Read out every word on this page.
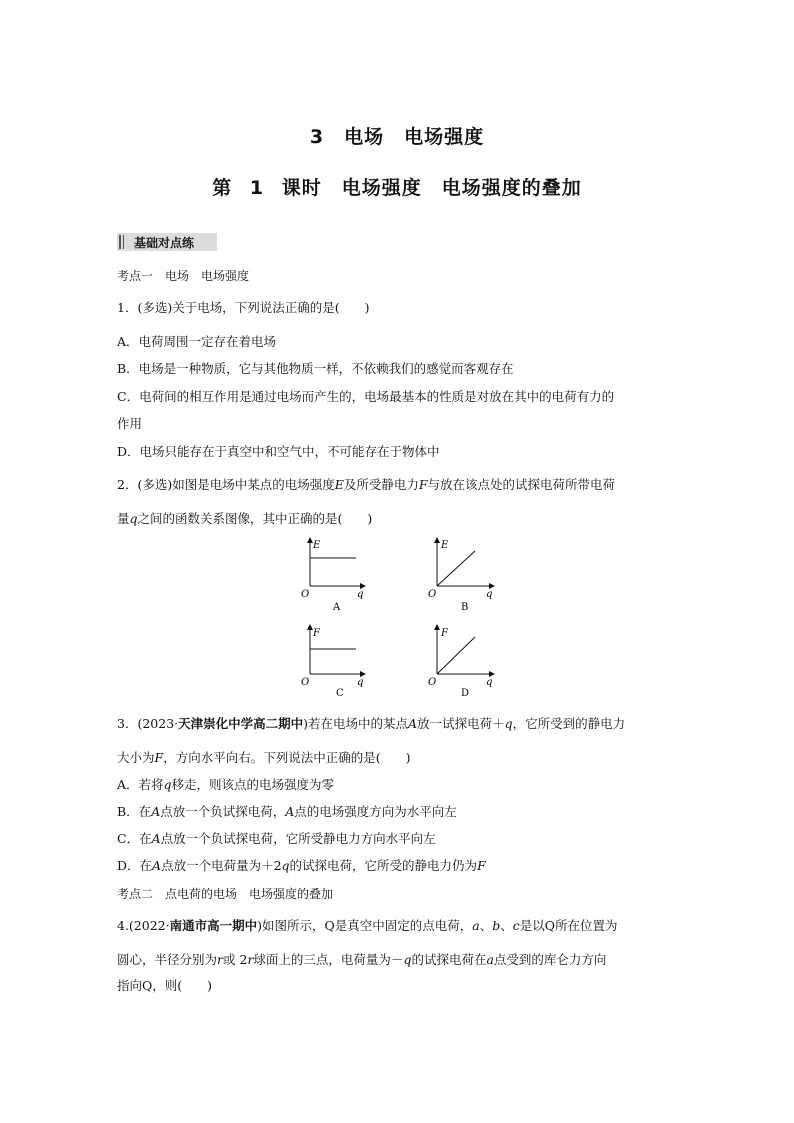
3　电场　电场强度
第 1 课时　电场强度　电场强度的叠加
基础对点练
考点一　电场　电场强度
1．(多选)关于电场，下列说法正确的是(　　)
A．电荷周围一定存在着电场
B．电场是一种物质，它与其他物质一样，不依赖我们的感觉而客观存在
C．电荷间的相互作用是通过电场而产生的，电场最基本的性质是对放在其中的电荷有力的
作用
D．电场只能存在于真空中和空气中，不可能存在于物体中
2．(多选)如图是电场中某点的电场强度E及所受静电力F与放在该点处的试探电荷所带电荷
量q之间的函数关系图像，其中正确的是(　　)
E
O	q
A
E
O	q
B
F
O	q
C
F
O	q
D
3．(2023·天津崇化中学高二期中)若在电场中的某点A放一试探电荷＋q，它所受到的静电力
大小为F，方向水平向右。下列说法中正确的是(　　)
A．若将q移走，则该点的电场强度为零
B．在A点放一个负试探电荷，A点的电场强度方向为水平向左
C．在A点放一个负试探电荷，它所受静电力方向水平向左
D．在A点放一个电荷量为＋2q的试探电荷，它所受的静电力仍为F
考点二　点电荷的电场　电场强度的叠加
4.(2022·南通市高一期中)如图所示，Q是真空中固定的点电荷，a、b、c是以Q所在位置为
圆心，半径分别为r或 2r球面上的三点，电荷量为－q的试探电荷在a点受到的库仑力方向
指向Q，则(　　)
